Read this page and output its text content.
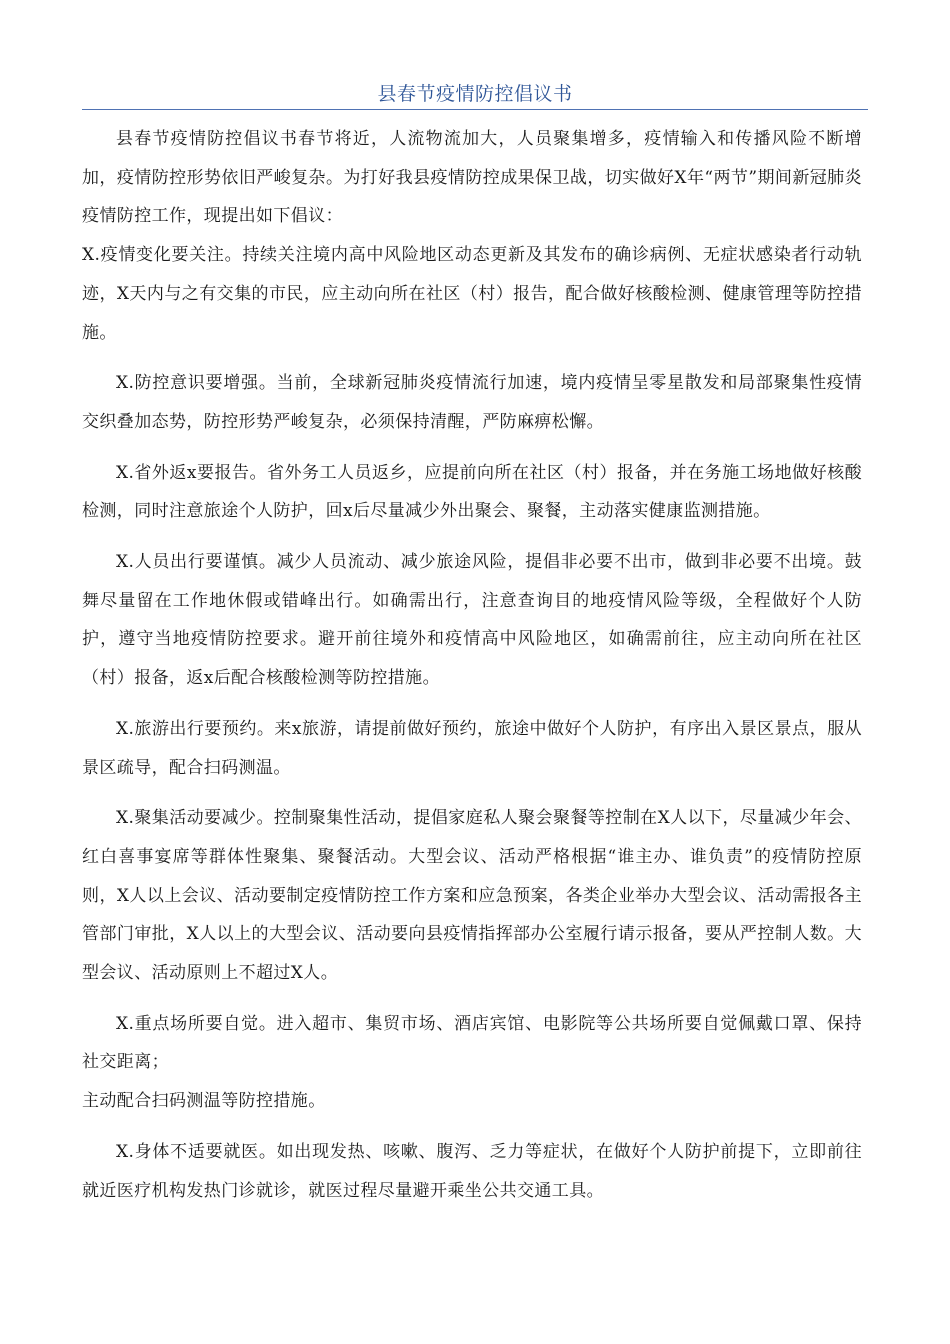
县春节疫情防控倡议书

县春节疫情防控倡议书春节将近，人流物流加大，人员聚集增多，疫情输入和传播风险不断增加，疫情防控形势依旧严峻复杂。为打好我县疫情防控成果保卫战，切实做好X年“两节”期间新冠肺炎疫情防控工作，现提出如下倡议：

X.疫情变化要关注。持续关注境内高中风险地区动态更新及其发布的确诊病例、无症状感染者行动轨迹，X天内与之有交集的市民，应主动向所在社区（村）报告，配合做好核酸检测、健康管理等防控措施。

X.防控意识要增强。当前，全球新冠肺炎疫情流行加速，境内疫情呈零星散发和局部聚集性疫情交织叠加态势，防控形势严峻复杂，必须保持清醒，严防麻痹松懈。

X.省外返x要报告。省外务工人员返乡，应提前向所在社区（村）报备，并在务施工场地做好核酸检测，同时注意旅途个人防护，回x后尽量减少外出聚会、聚餐，主动落实健康监测措施。

X.人员出行要谨慎。减少人员流动、减少旅途风险，提倡非必要不出市，做到非必要不出境。鼓舞尽量留在工作地休假或错峰出行。如确需出行，注意查询目的地疫情风险等级，全程做好个人防护，遵守当地疫情防控要求。避开前往境外和疫情高中风险地区，如确需前往，应主动向所在社区（村）报备，返x后配合核酸检测等防控措施。

X.旅游出行要预约。来x旅游，请提前做好预约，旅途中做好个人防护，有序出入景区景点，服从景区疏导，配合扫码测温。

X.聚集活动要减少。控制聚集性活动，提倡家庭私人聚会聚餐等控制在X人以下，尽量减少年会、红白喜事宴席等群体性聚集、聚餐活动。大型会议、活动严格根据“谁主办、谁负责”的疫情防控原则，X人以上会议、活动要制定疫情防控工作方案和应急预案，各类企业举办大型会议、活动需报各主管部门审批，X人以上的大型会议、活动要向县疫情指挥部办公室履行请示报备，要从严控制人数。大型会议、活动原则上不超过X人。

X.重点场所要自觉。进入超市、集贸市场、酒店宾馆、电影院等公共场所要自觉佩戴口罩、保持社交距离；

主动配合扫码测温等防控措施。

X.身体不适要就医。如出现发热、咳嗽、腹泻、乏力等症状，在做好个人防护前提下，立即前往就近医疗机构发热门诊就诊，就医过程尽量避开乘坐公共交通工具。
